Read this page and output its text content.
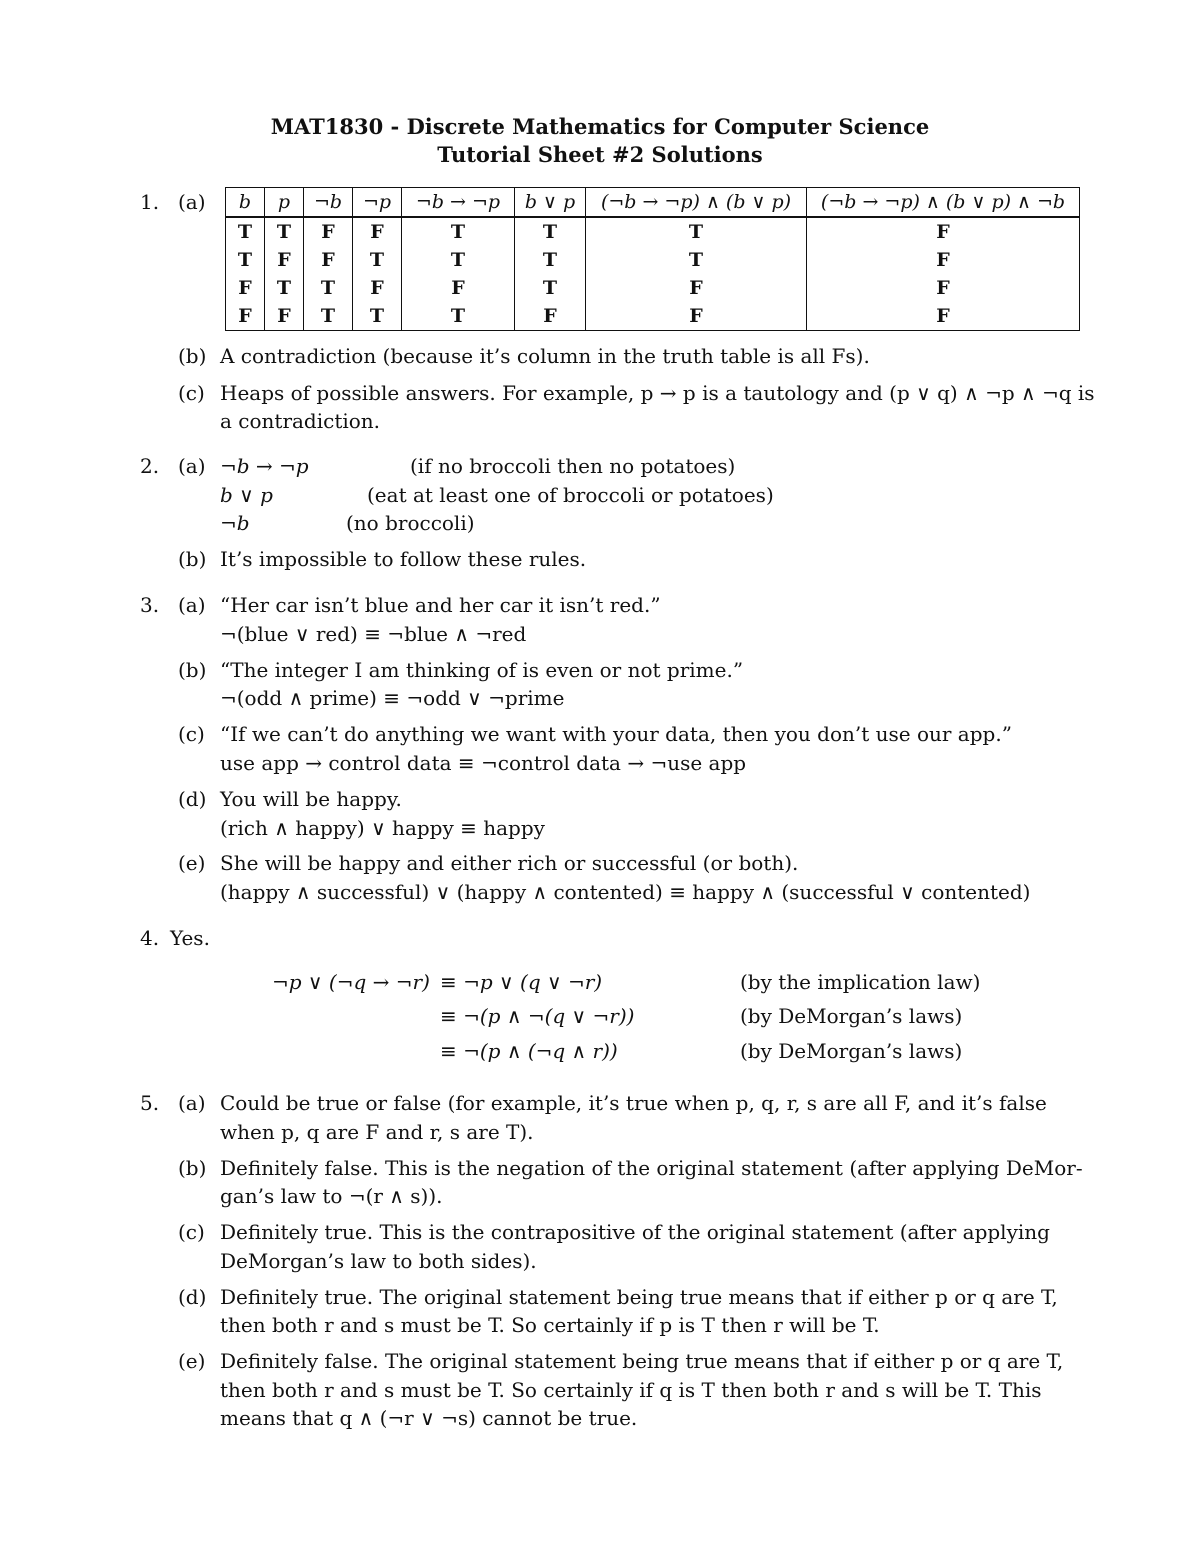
MAT1830 - Discrete Mathematics for Computer Science
Tutorial Sheet #2 Solutions
1. (a) b	p	¬b	¬p	¬b → ¬p	b ∨ p	(¬b → ¬p) ∧ (b ∨ p)	(¬b → ¬p) ∧ (b ∨ p) ∧ ¬b
T	T	F	F	T	T	T	F
T	F	F	T	T	T	T	F
F	T	T	F	F	T	F	F
F	F	T	T	T	F	F	F
(b) A contradiction (because it’s column in the truth table is all Fs).
(c) Heaps of possible answers. For example, p → p is a tautology and (p ∨ q) ∧ ¬p ∧ ¬q is
a contradiction.
2. (a) ¬b → ¬p	(if no broccoli then no potatoes)
b ∨ p	(eat at least one of broccoli or potatoes)
¬b	(no broccoli)
(b) It’s impossible to follow these rules.
3. (a) “Her car isn’t blue and her car it isn’t red.”
¬(blue ∨ red) ≡ ¬blue ∧ ¬red
(b) “The integer I am thinking of is even or not prime.”
¬(odd ∧ prime) ≡ ¬odd ∨ ¬prime
(c) “If we can’t do anything we want with your data, then you don’t use our app.”
use app → control data ≡ ¬control data → ¬use app
(d) You will be happy.
(rich ∧ happy) ∨ happy ≡ happy
(e) She will be happy and either rich or successful (or both).
(happy ∧ successful) ∨ (happy ∧ contented) ≡ happy ∧ (successful ∨ contented)
4. Yes.
¬p ∨ (¬q → ¬r) ≡ ¬p ∨ (q ∨ ¬r)	(by the implication law)
≡ ¬(p ∧ ¬(q ∨ ¬r))	(by DeMorgan’s laws)
≡ ¬(p ∧ (¬q ∧ r))	(by DeMorgan’s laws)
5. (a) Could be true or false (for example, it’s true when p, q, r, s are all F, and it’s false
when p, q are F and r, s are T).
(b) Definitely false. This is the negation of the original statement (after applying DeMor-
gan’s law to ¬(r ∧ s)).
(c) Definitely true. This is the contrapositive of the original statement (after applying
DeMorgan’s law to both sides).
(d) Definitely true. The original statement being true means that if either p or q are T,
then both r and s must be T. So certainly if p is T then r will be T.
(e) Definitely false. The original statement being true means that if either p or q are T,
then both r and s must be T. So certainly if q is T then both r and s will be T. This
means that q ∧ (¬r ∨ ¬s) cannot be true.
